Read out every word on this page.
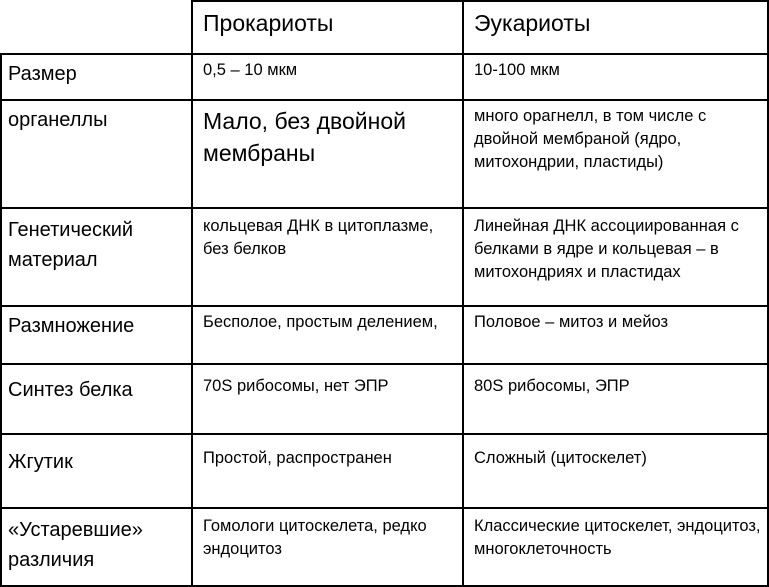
	Прокариоты	Эукариоты
Размер	0,5 – 10 мкм	10-100 мкм
органеллы	Мало, без двойной мембраны	много орагнелл, в том числе с двойной мембраной (ядро, митохондрии, пластиды)
Генетический материал	кольцевая ДНК в цитоплазме, без белков	Линейная ДНК ассоциированная с белками в ядре и кольцевая – в митохондриях и пластидах
Размножение	Бесполое, простым делением,	Половое – митоз и мейоз
Синтез белка	70S рибосомы, нет ЭПР	80S рибосомы, ЭПР
Жгутик	Простой, распространен	Сложный (цитоскелет)
«Устаревшие» различия	Гомологи цитоскелета, редко эндоцитоз	Классические цитоскелет, эндоцитоз, многоклеточность
